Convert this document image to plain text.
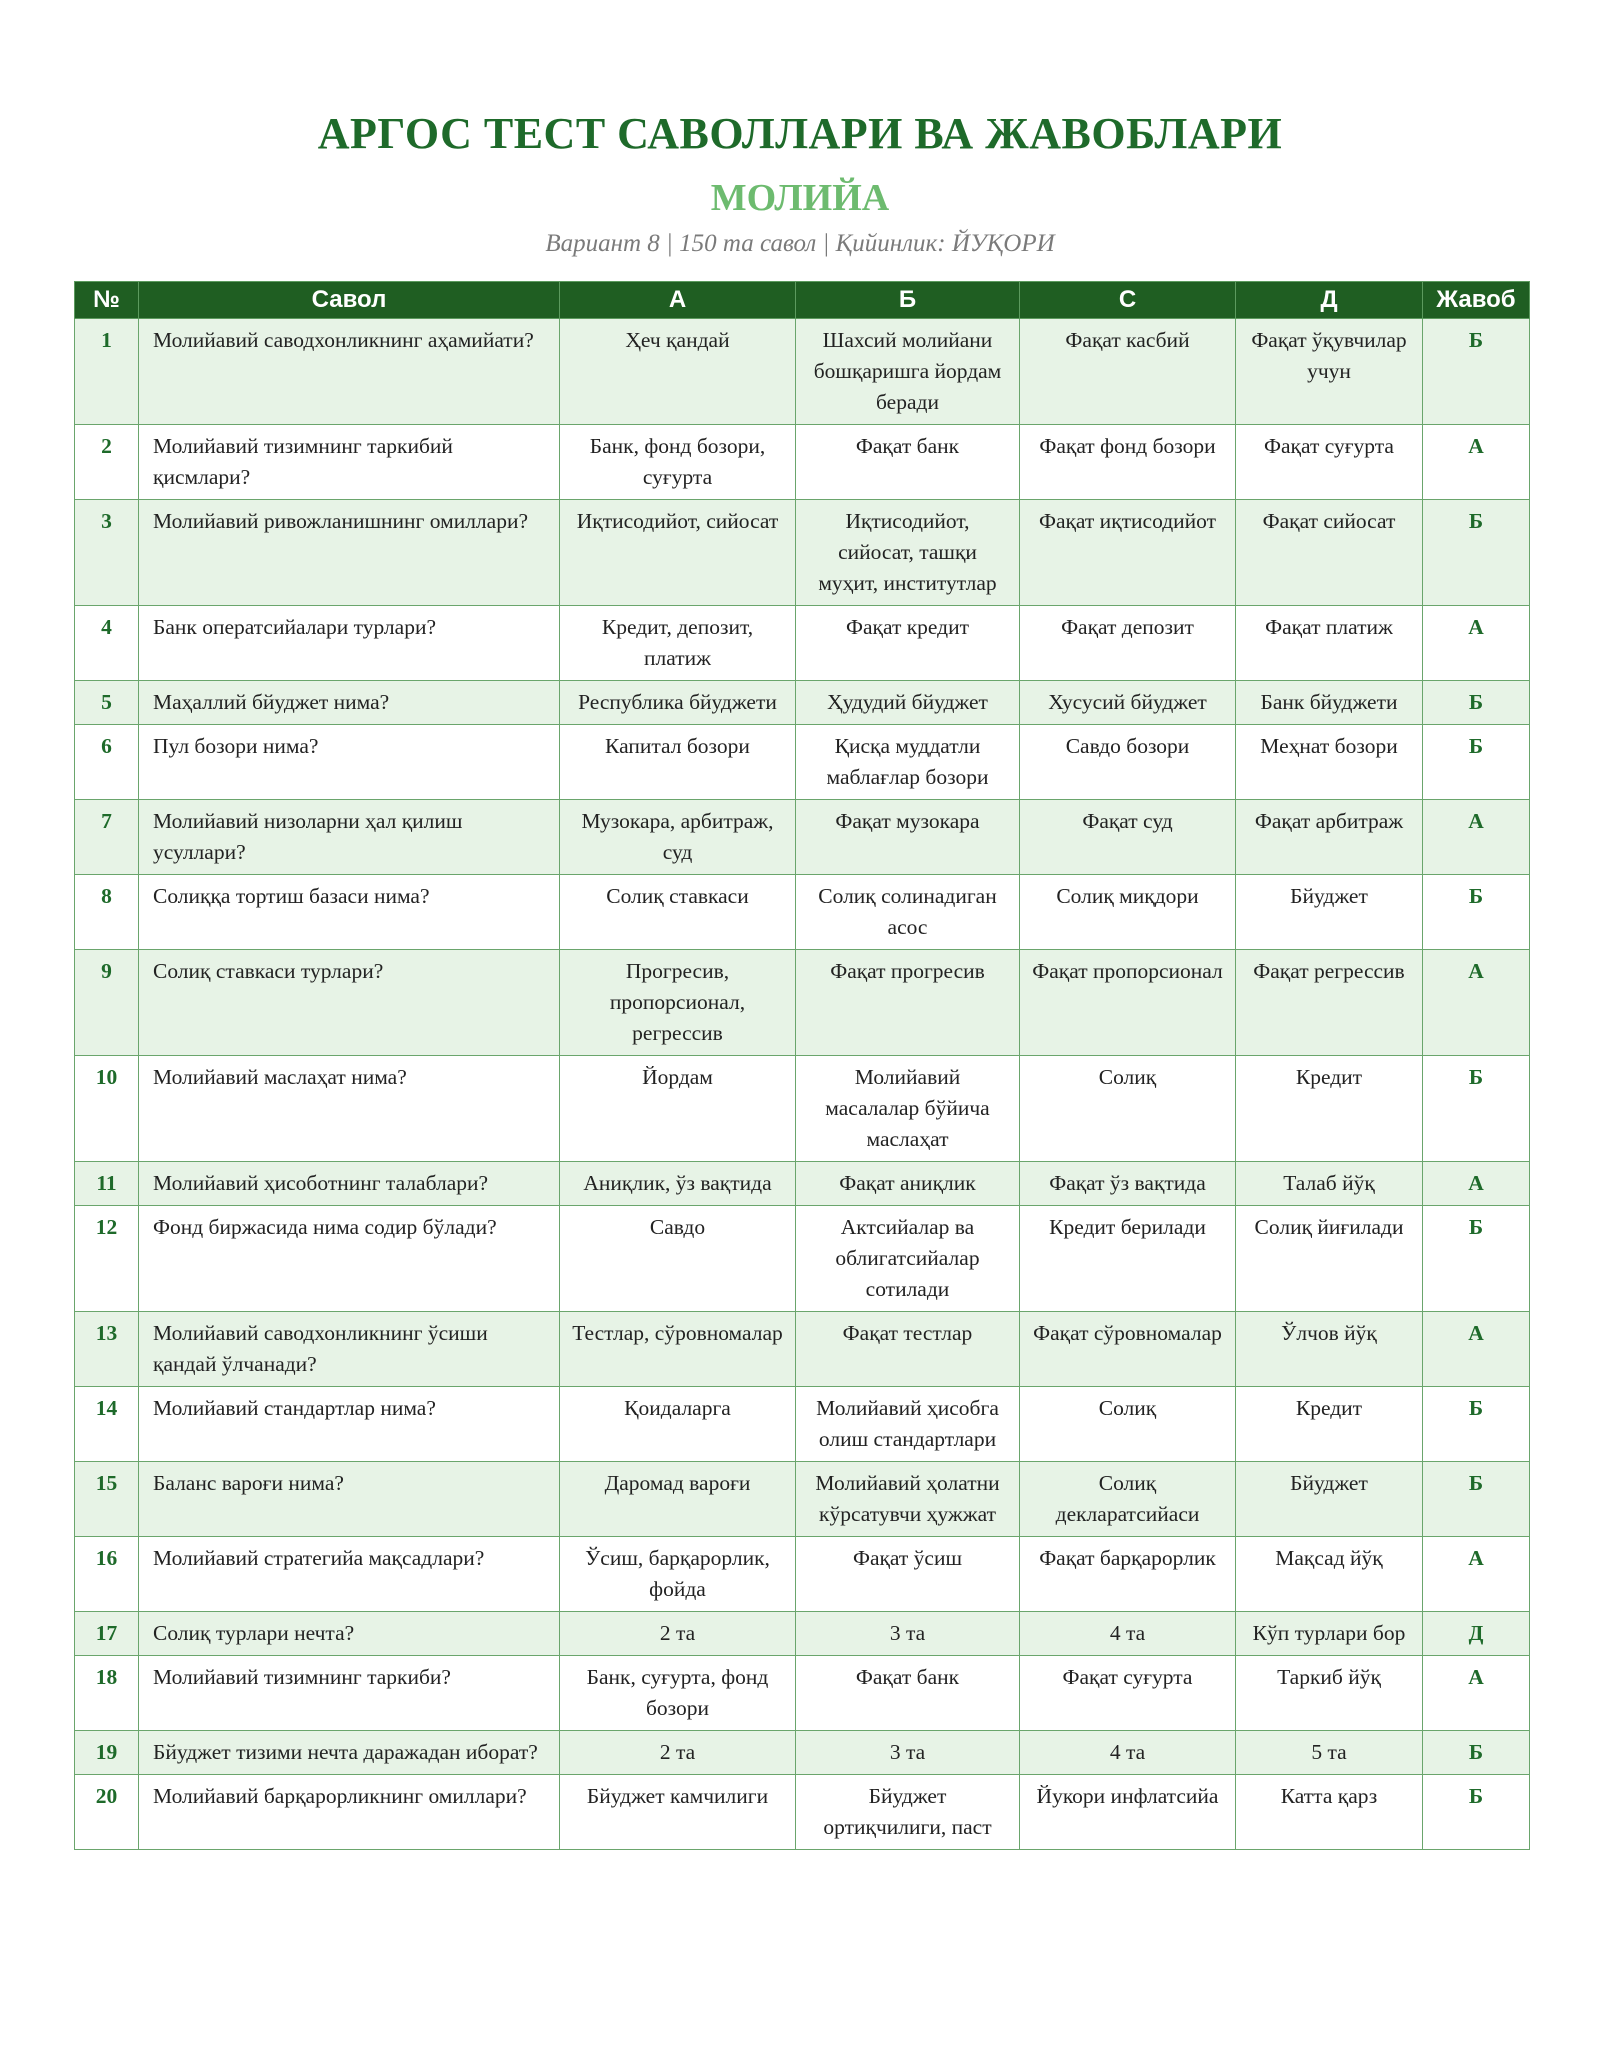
АРГОС ТЕСТ САВОЛЛАРИ ВА ЖАВОБЛАРИ
МОЛИЙА
Вариант 8 | 150 та савол | Қийинлик: ЙУҚОРИ
№	Савол	А	Б	С	Д	Жавоб
1	Молийавий саводхонликнинг аҳамийати?	Ҳеч қандай	Шахсий молийани бошқаришга йордам беради	Фақат касбий	Фақат ўқувчилар учун	Б
2	Молийавий тизимнинг таркибий қисмлари?	Банк, фонд бозори, суғурта	Фақат банк	Фақат фонд бозори	Фақат суғурта	А
3	Молийавий ривожланишнинг омиллари?	Иқтисодийот, сийосат	Иқтисодийот, сийосат, ташқи муҳит, институтлар	Фақат иқтисодийот	Фақат сийосат	Б
4	Банк оператсийалари турлари?	Кредит, депозит, платиж	Фақат кредит	Фақат депозит	Фақат платиж	А
5	Маҳаллий бйуджет нима?	Республика бйуджети	Ҳудудий бйуджет	Хусусий бйуджет	Банк бйуджети	Б
6	Пул бозори нима?	Капитал бозори	Қисқа муддатли маблағлар бозори	Савдо бозори	Меҳнат бозори	Б
7	Молийавий низоларни ҳал қилиш усуллари?	Музокара, арбитраж, суд	Фақат музокара	Фақат суд	Фақат арбитраж	А
8	Солиққа тортиш базаси нима?	Солиқ ставкаси	Солиқ солинадиган асос	Солиқ миқдори	Бйуджет	Б
9	Солиқ ставкаси турлари?	Прогресив, пропорсионал, регрессив	Фақат прогресив	Фақат пропорсионал	Фақат регрессив	А
10	Молийавий маслаҳат нима?	Йордам	Молийавий масалалар бўйича маслаҳат	Солиқ	Кредит	Б
11	Молийавий ҳисоботнинг талаблари?	Аниқлик, ўз вақтида	Фақат аниқлик	Фақат ўз вақтида	Талаб йўқ	А
12	Фонд биржасида нима содир бўлади?	Савдо	Актсийалар ва облигатсийалар сотилади	Кредит берилади	Солиқ йиғилади	Б
13	Молийавий саводхонликнинг ўсиши қандай ўлчанади?	Тестлар, сўровномалар	Фақат тестлар	Фақат сўровномалар	Ўлчов йўқ	А
14	Молийавий стандартлар нима?	Қоидаларга	Молийавий ҳисобга олиш стандартлари	Солиқ	Кредит	Б
15	Баланс вароғи нима?	Даромад вароғи	Молийавий ҳолатни кўрсатувчи ҳужжат	Солиқ декларатсийаси	Бйуджет	Б
16	Молийавий стратегийа мақсадлари?	Ўсиш, барқарорлик, фойда	Фақат ўсиш	Фақат барқарорлик	Мақсад йўқ	А
17	Солиқ турлари нечта?	2 та	3 та	4 та	Кўп турлари бор	Д
18	Молийавий тизимнинг таркиби?	Банк, суғурта, фонд бозори	Фақат банк	Фақат суғурта	Таркиб йўқ	А
19	Бйуджет тизими нечта даражадан иборат?	2 та	3 та	4 та	5 та	Б
20	Молийавий барқарорликнинг омиллари?	Бйуджет камчилиги	Бйуджет ортиқчилиги, паст	Йукори инфлатсийа	Катта қарз	Б
